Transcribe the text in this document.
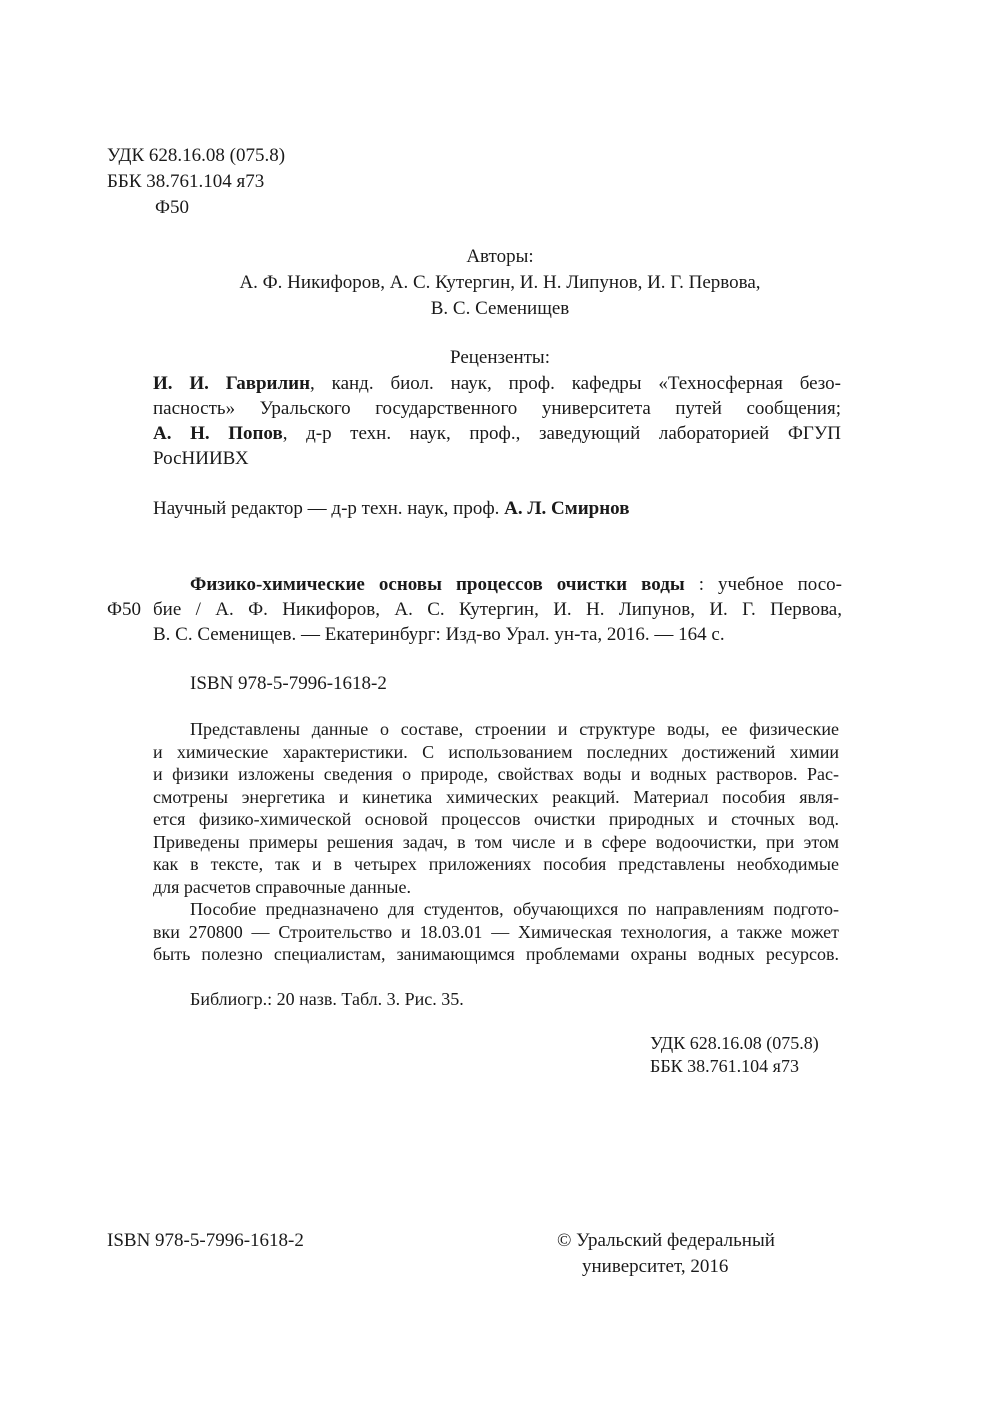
УДК 628.16.08 (075.8)
ББК 38.761.104 я73
Ф50
Авторы:
А. Ф. Никифоров, А. С. Кутергин, И. Н. Липунов, И. Г. Первова,
В. С. Семенищев
Рецензенты:
И. И. Гаврилин, канд. биол. наук, проф. кафедры «Техносферная безо-
пасность» Уральского государственного университета путей сообщения;
А. Н. Попов, д-р техн. наук, проф., заведующий лабораторией ФГУП
РосНИИВХ
Научный редактор — д-р техн. наук, проф. А. Л. Смирнов
Физико-химические основы процессов очистки воды : учебное посо-
Ф50 бие / А. Ф. Никифоров, А. С. Кутергин, И. Н. Липунов, И. Г. Первова,
В. С. Семенищев. — Екатеринбург: Изд-во Урал. ун-та, 2016. — 164 с.
ISBN 978-5-7996-1618-2
Представлены данные о составе, строении и структуре воды, ее физические
и химические характеристики. С использованием последних достижений химии
и физики изложены сведения о природе, свойствах воды и водных растворов. Рас-
смотрены энергетика и кинетика химических реакций. Материал пособия явля-
ется физико-химической основой процессов очистки природных и сточных вод.
Приведены примеры решения задач, в том числе и в сфере водоочистки, при этом
как в тексте, так и в четырех приложениях пособия представлены необходимые
для расчетов справочные данные.
Пособие предназначено для студентов, обучающихся по направлениям подгото-
вки 270800 — Строительство и 18.03.01 — Химическая технология, а также может
быть полезно специалистам, занимающимся проблемами охраны водных ресурсов.
Библиогр.: 20 назв. Табл. 3. Рис. 35.
УДК 628.16.08 (075.8)
ББК 38.761.104 я73
ISBN 978-5-7996-1618-2	© Уральский федеральный
университет, 2016
